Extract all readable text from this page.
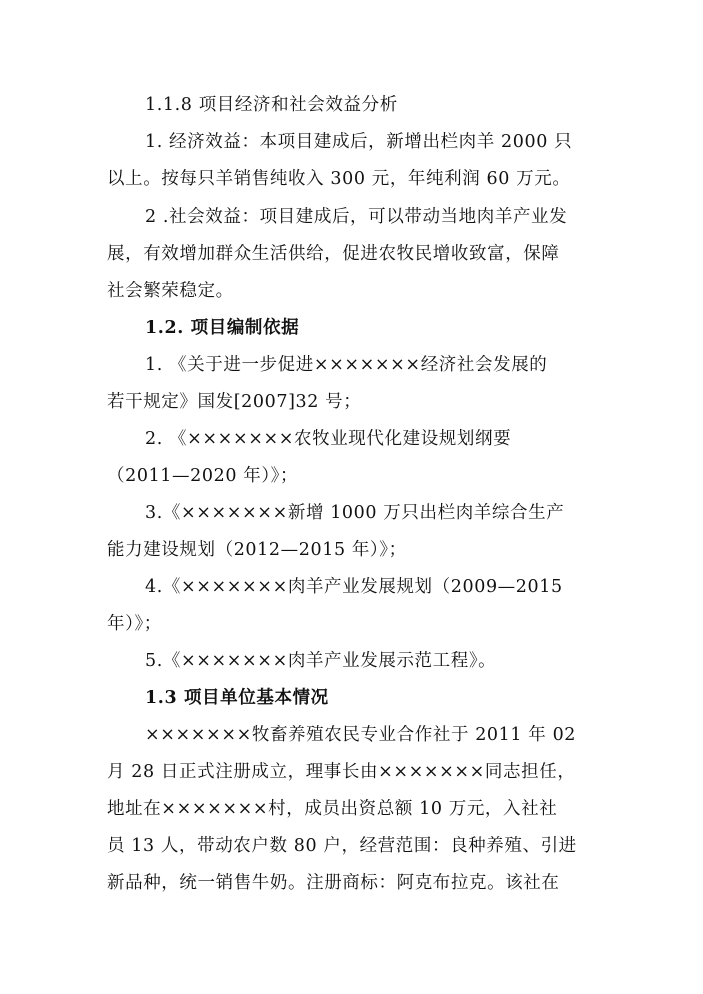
1.1.8 项目经济和社会效益分析
1. 经济效益：本项目建成后，新增出栏肉羊 2000 只
以上。按每只羊销售纯收入 300 元，年纯利润 60 万元。
2 .社会效益：项目建成后，可以带动当地肉羊产业发
展，有效增加群众生活供给，促进农牧民增收致富，保障
社会繁荣稳定。
1.2. 项目编制依据
1. 《关于进一步促进×××××××经济社会发展的
若干规定》国发[2007]32 号；
2. 《×××××××农牧业现代化建设规划纲要
（2011—2020 年）》；
3.《×××××××新增 1000 万只出栏肉羊综合生产
能力建设规划（2012—2015 年）》；
4.《×××××××肉羊产业发展规划（2009—2015
年）》；
5.《×××××××肉羊产业发展示范工程》。
1.3 项目单位基本情况
×××××××牧畜养殖农民专业合作社于 2011 年 02
月 28 日正式注册成立，理事长由×××××××同志担任，
地址在×××××××村，成员出资总额 10 万元，入社社
员 13 人，带动农户数 80 户，经营范围：良种养殖、引进
新品种，统一销售牛奶。注册商标：阿克布拉克。该社在
